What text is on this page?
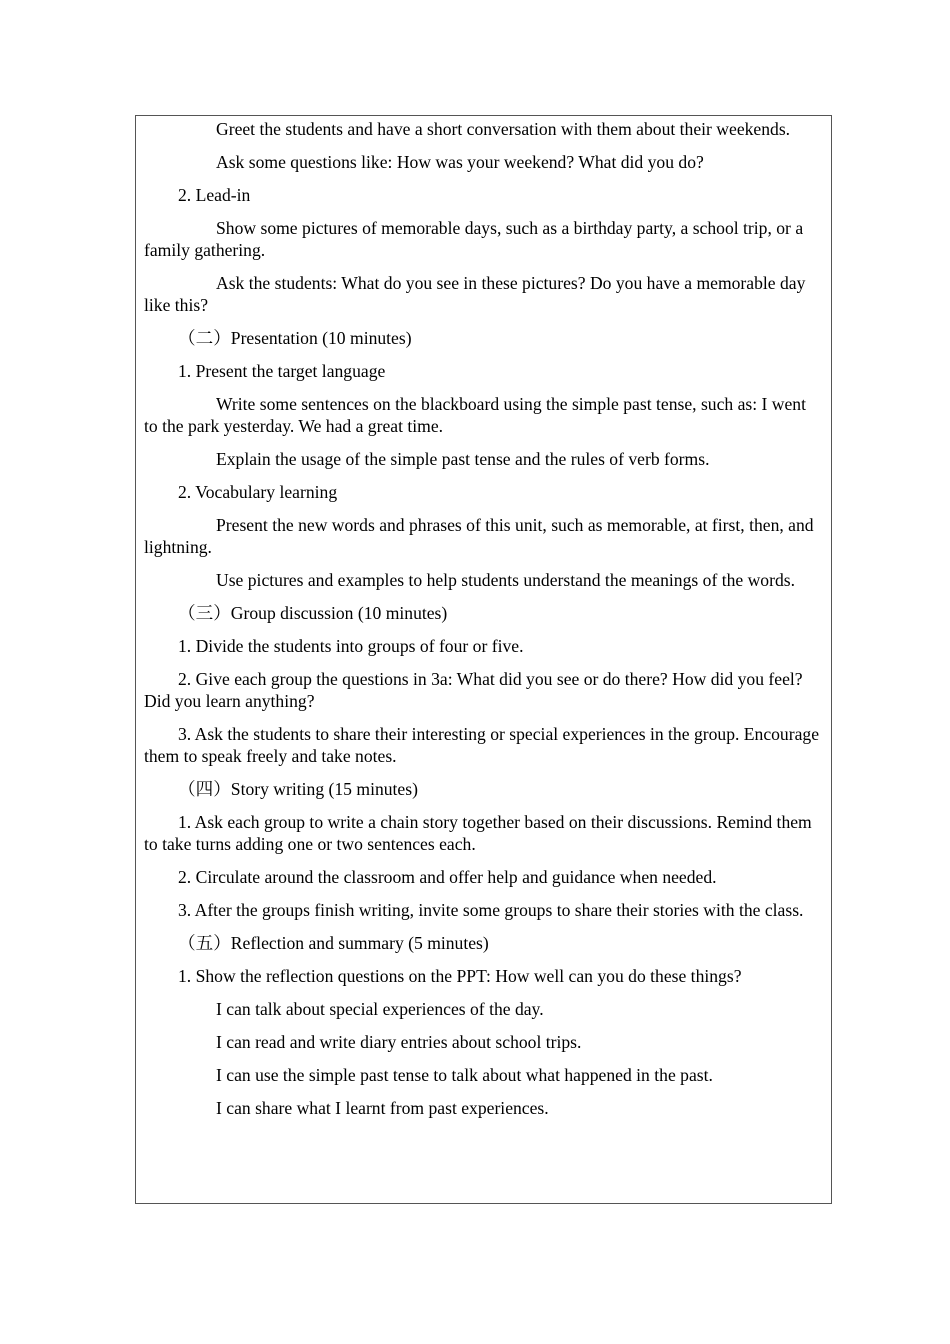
Greet the students and have a short conversation with them about their weekends.

Ask some questions like: How was your weekend? What did you do?

2. Lead-in

Show some pictures of memorable days, such as a birthday party, a school trip, or a family gathering.

Ask the students: What do you see in these pictures? Do you have a memorable day like this?

（二）Presentation (10 minutes)

1. Present the target language

Write some sentences on the blackboard using the simple past tense, such as: I went to the park yesterday. We had a great time.

Explain the usage of the simple past tense and the rules of verb forms.

2. Vocabulary learning

Present the new words and phrases of this unit, such as memorable, at first, then, and lightning.

Use pictures and examples to help students understand the meanings of the words.

（三）Group discussion (10 minutes)

1. Divide the students into groups of four or five.

2. Give each group the questions in 3a: What did you see or do there? How did you feel? Did you learn anything?

3. Ask the students to share their interesting or special experiences in the group. Encourage them to speak freely and take notes.

（四）Story writing (15 minutes)

1. Ask each group to write a chain story together based on their discussions. Remind them to take turns adding one or two sentences each.

2. Circulate around the classroom and offer help and guidance when needed.

3. After the groups finish writing, invite some groups to share their stories with the class.

（五）Reflection and summary (5 minutes)

1. Show the reflection questions on the PPT: How well can you do these things?

I can talk about special experiences of the day.

I can read and write diary entries about school trips.

I can use the simple past tense to talk about what happened in the past.

I can share what I learnt from past experiences.
